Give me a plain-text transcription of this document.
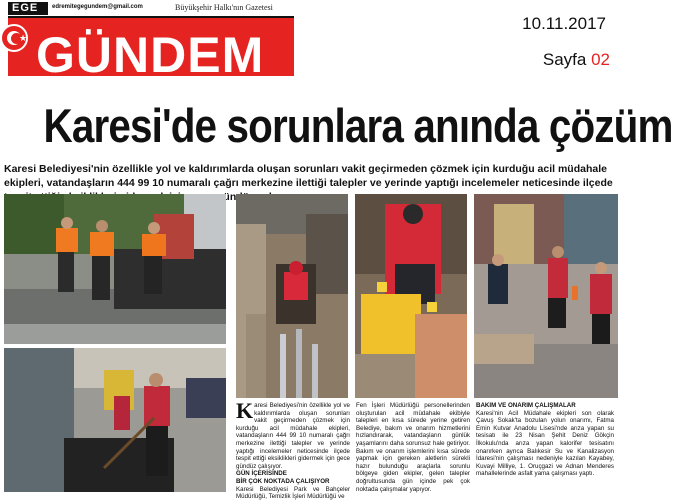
EGE	edremitegegundem@gmail.com	Büyükşehir Halkı'nın Gazetesi
GÜNDEM
★
10.11.2017
Sayfa 02
Karesi'de sorunlara anında çözüm
Karesi Belediyesi'nin özellikle yol ve kaldırımlarda oluşan sorunları vakit geçirmeden çözmek için kurduğu acil müdahale ekipleri, vatandaşların 444 99 10 numaralı çağrı merkezine ilettiği talepler ve yerinde yaptığı incelemeler neticesinde ilçede
K aresi Belediyesi'nin özellikle yol ve kaldırımlarda oluşan sorunları vakit geçirmeden çözmek için kurduğu acil müdahale ekipleri, vatandaşların 444 99 10 numaralı çağrı merkezine ilettiği talepler ve yerinde yaptığı incelemeler neticesinde ilçede tespit ettiği eksiklikleri gidermek için gece gündüz çalışıyor.
GÜN İÇERİSİNDE
BİR ÇOK NOKTADA ÇALIŞIYOR
Karesi Belediyesi Park ve Bahçeler Müdürlüğü, Temizlik İşleri Müdürlüğü ve
Fen İşleri Müdürlüğü personellerinden oluşturulan acil müdahale ekibiyle talepleri en kısa sürede yerine getiren Belediye, bakım ve onarım hizmetlerini hızlandırarak, vatandaşların günlük yaşamlarını daha sorunsuz hale getiriyor. Bakım ve onarım işlemlerini kısa sürede yapmak için gereken aletlerin sürekli hazır bulunduğu araçlarla sorunlu bölgeye giden ekipler, gelen talepler doğrultusunda gün içinde pek çok noktada çalışmalar yapıyor.
BAKIM VE ONARIM ÇALIŞMALAR
Karesi'nin Acil Müdahale ekipleri son olarak Çavuş Sokak'ta bozulan yolun onarımı, Fatma Emin Kutvar Anadolu Lisesi'nde arıza yapan su tesisatı ile 23 Nisan Şehit Deniz Gökçin İlkokulu'nda arıza yapan kalorifer tesisatını onarırken ayrıca Balıkesir Su ve Kanalizasyon İdaresi'nin çalışması nedeniyle kazılan Kayabey, Kuvayi Milliye, 1. Oruçgazi ve Adnan Menderes mahallelerinde asfalt yama çalışması yaptı.
